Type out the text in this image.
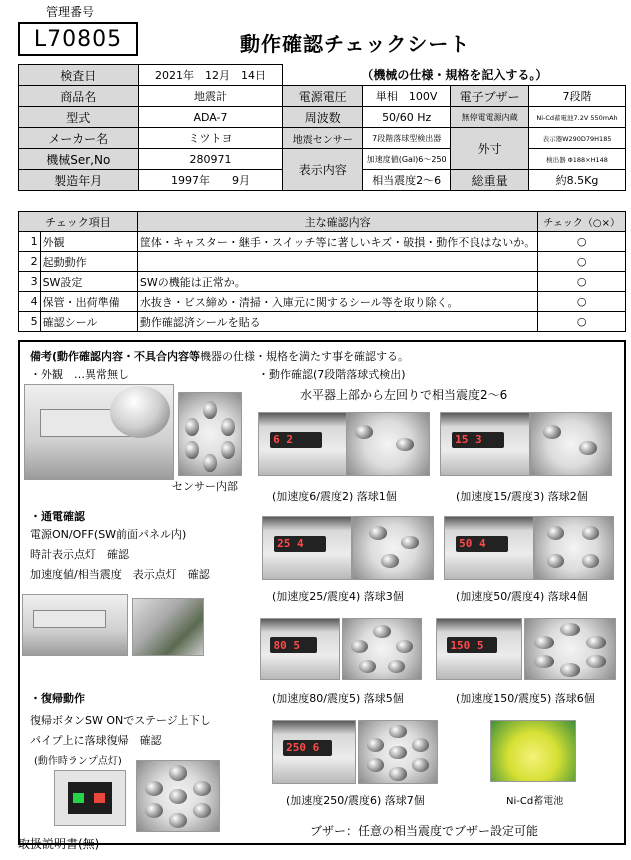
管理番号
L70805	動作確認チェックシート
検査日	2021年　12月　14日	（機械の仕様・規格を記入する。）			
商品名	地震計	電源電圧	単相　100V	電子ブザー	7段階
型式	ADA-7	周波数	50/60 Hz	無停電電源内蔵	Ni-Cd蓄電池7.2V 550mAh
メーカー名	ミツトヨ	地震センサー	7段階落球型検出器	外寸	表示器W290D79H185
機械Ser,No	280971	表示内容	加速度値(Gal)6～250		検出器 Φ188×H148
製造年月	1997年　　9月		相当震度2～6	総重量	約8.5Kg
チェック項目		主な確認内容	チェック（○×）
1	外観	筐体・キャスター・継手・スイッチ等に著しいキズ・破損・動作不良はないか。	○
2	起動動作		○
3	SW設定	SWの機能は正常か。	○
4	保管・出荷準備	水抜き・ビス締め・清掃・入庫元に関するシール等を取り除く。	○
5	確認シール	動作確認済シールを貼る	○
備考(動作確認内容・不具合内容等機器の仕様・規格を満たす事を確認する。
・外観　…異常無し	・動作確認(7段階落球式検出)
水平器上部から左回りで相当震度2～6
センサー内部
6 2
(加速度6/震度2) 落球1個
15 3
(加速度15/震度3) 落球2個
・通電確認
電源ON/OFF(SW前面パネル内)
時計表示点灯　確認
加速度値/相当震度　表示点灯　確認
25 4
(加速度25/震度4) 落球3個
50 4
(加速度50/震度4) 落球4個
80 5
(加速度80/震度5) 落球5個
150 5
(加速度150/震度5) 落球6個
・復帰動作
復帰ボタンSW ONでステージ上下し
パイプ上に落球復帰　確認
(動作時ランプ点灯)
250 6
(加速度250/震度6) 落球7個	Ni-Cd蓄電池
ブザー：任意の相当震度でブザー設定可能
取扱説明書(無)
